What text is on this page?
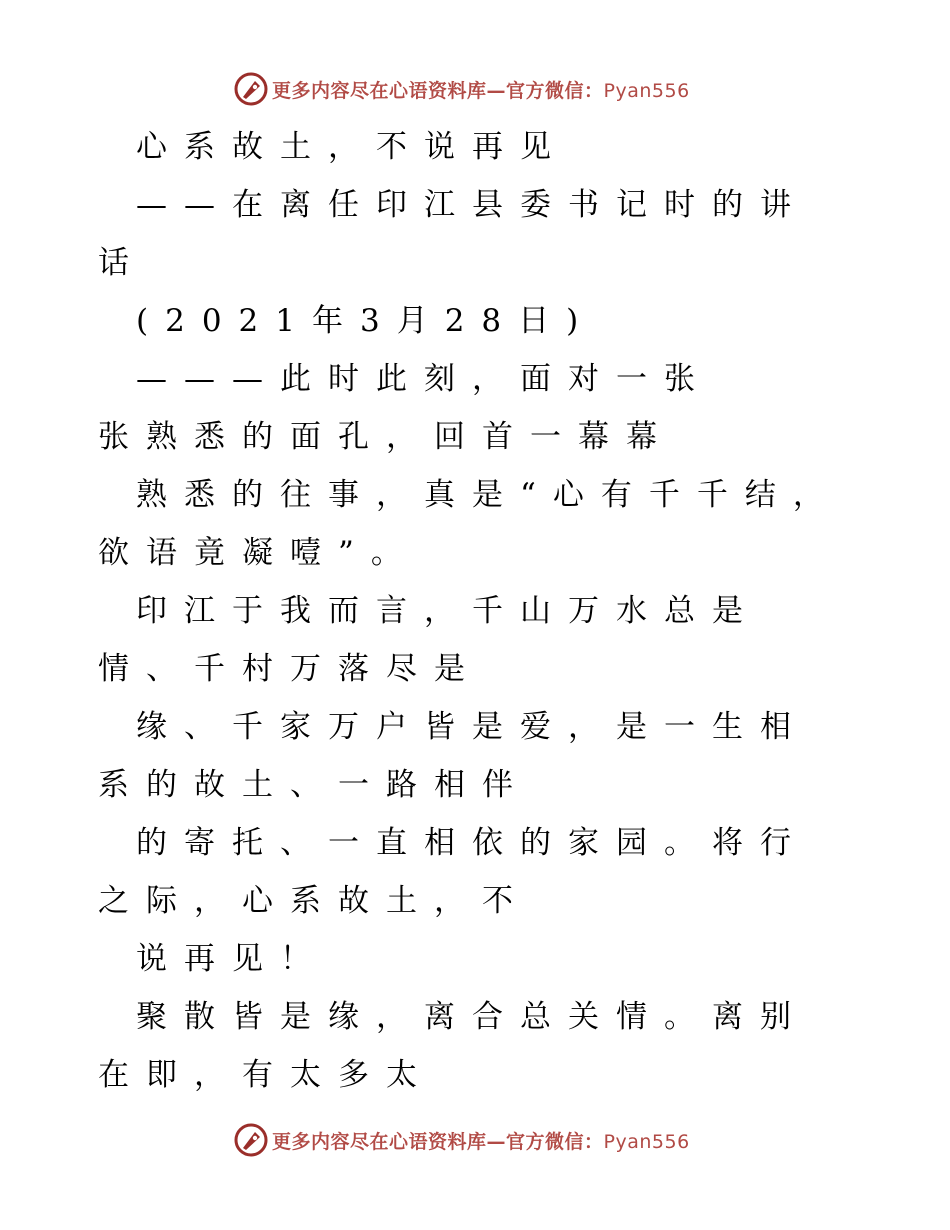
更多内容尽在心语资料库—官方微信：Pyan556
心系故土，不说再见
——在离任印江县委书记时的讲
话
(2021年3月28日)
———此时此刻，面对一张
张熟悉的面孔，回首一幕幕
熟悉的往事，真是“心有千千结，
欲语竟凝噎”。
印江于我而言，千山万水总是
情、千村万落尽是
缘、千家万户皆是爱，是一生相
系的故土、一路相伴
的寄托、一直相依的家园。将行
之际，心系故土，不
说再见！
聚散皆是缘，离合总关情。离别
在即，有太多太
更多内容尽在心语资料库—官方微信：Pyan556
